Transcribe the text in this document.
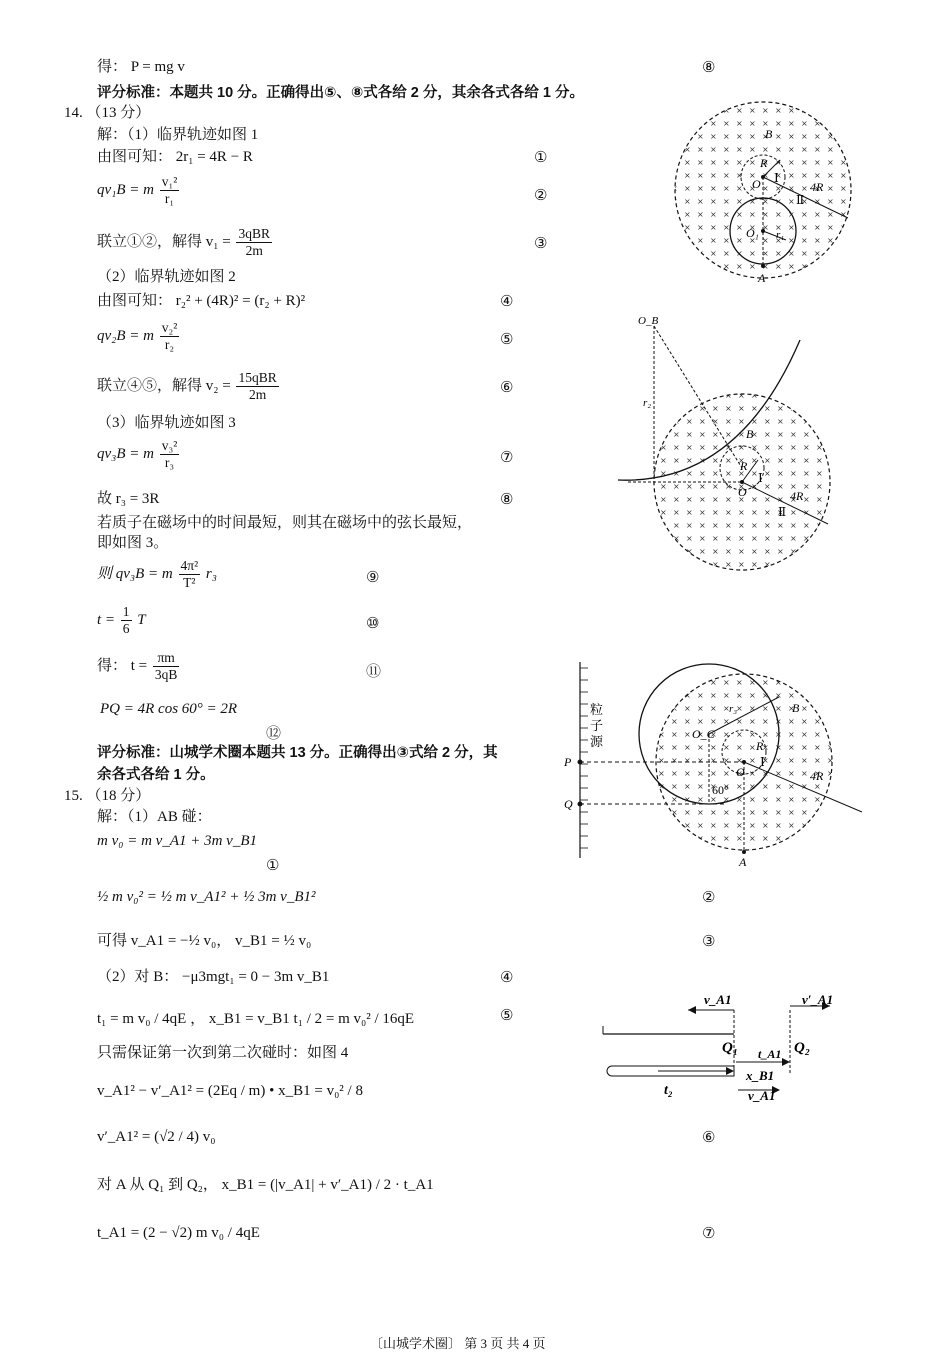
得： P = mg v	⑧
评分标准：本题共 10 分。正确得出⑤、⑧式各给 2 分，其余各式各给 1 分。
14. （13 分）
解：（1）临界轨迹如图 1
由图可知： 2r₁ = 4R − R	①
qv₁B = m $\frac{\text{v₁²}}{\text{r₁}}$	②
联立①②，解得 $v_1 = \frac{\text{3qBR}}{2m}$	③
（2）临界轨迹如图 2
由图可知： r₂² + (4R)² = (r₂ + R)²	④
qv₂B = m $\frac{\text{v₂²}}{\text{r₂}}$	⑤
联立④⑤，解得 $v_2 = \frac{\text{15qBR}}{2m}$	⑥
（3）临界轨迹如图 3
qv₃B = m $\frac{\text{v₃²}}{\text{r₃}}$	⑦
故 r₃ = 3R	⑧
若质子在磁场中的时间最短，则其在磁场中的弦长最短，
即如图 3。
则 qv₃B = m $\frac{\text{4π²}}{\text{T²}} r_3$	⑨
$t = \frac{1}{6}$ T	⑩
得： $t = \frac{\pi m}{3qB}$	⑪
PQ = 4R cos 60° = 2R
⑫
评分标准：山城学术圈本题共 13 分。正确得出③式给 2 分，其
余各式各给 1 分。
15. （18 分）
解：（1）AB 碰：
m v₀ = m v_A1 + 3m v_B1
①
½ m v₀² = ½ m v_A1² + ½ 3m v_B1²	②
可得 v_A1 = −½ v₀， v_B1 = ½ v₀	③
（2）对 B： −μ3mgt₁ = 0 − 3m v_B1	④
t₁ = m v₀ / 4qE ， x_B1 = v_B1 t₁ / 2 = m v₀² / 16qE	⑤
只需保证第一次到第二次碰时：如图 4
v_A1² − v′_A1² = (2Eq / m) • x_B1 = v₀² / 8
v′_A1² = (√2 / 4) v₀	⑥
对 A 从 Q₁ 到 Q₂， x_B1 = (|v_A1| + v′_A1) / 2 · t_A1
t_A1 = (2 − √2) m v₀ / 4qE	⑦
B
R
O Ⅰ
4R
Ⅱ
O₁ r₁
A
O_B
r₂
B
R
O
Ⅰ
4R
Ⅱ
粒
子
源
P
Q
O_C
r₃	B
R
O
Ⅰ
4R
60°
A
v_A1	v′_A1
Q₁	Q₂
t_A1
x_B1
t₂	v_A1
〔山城学术圈〕 第 3 页 共 4 页
